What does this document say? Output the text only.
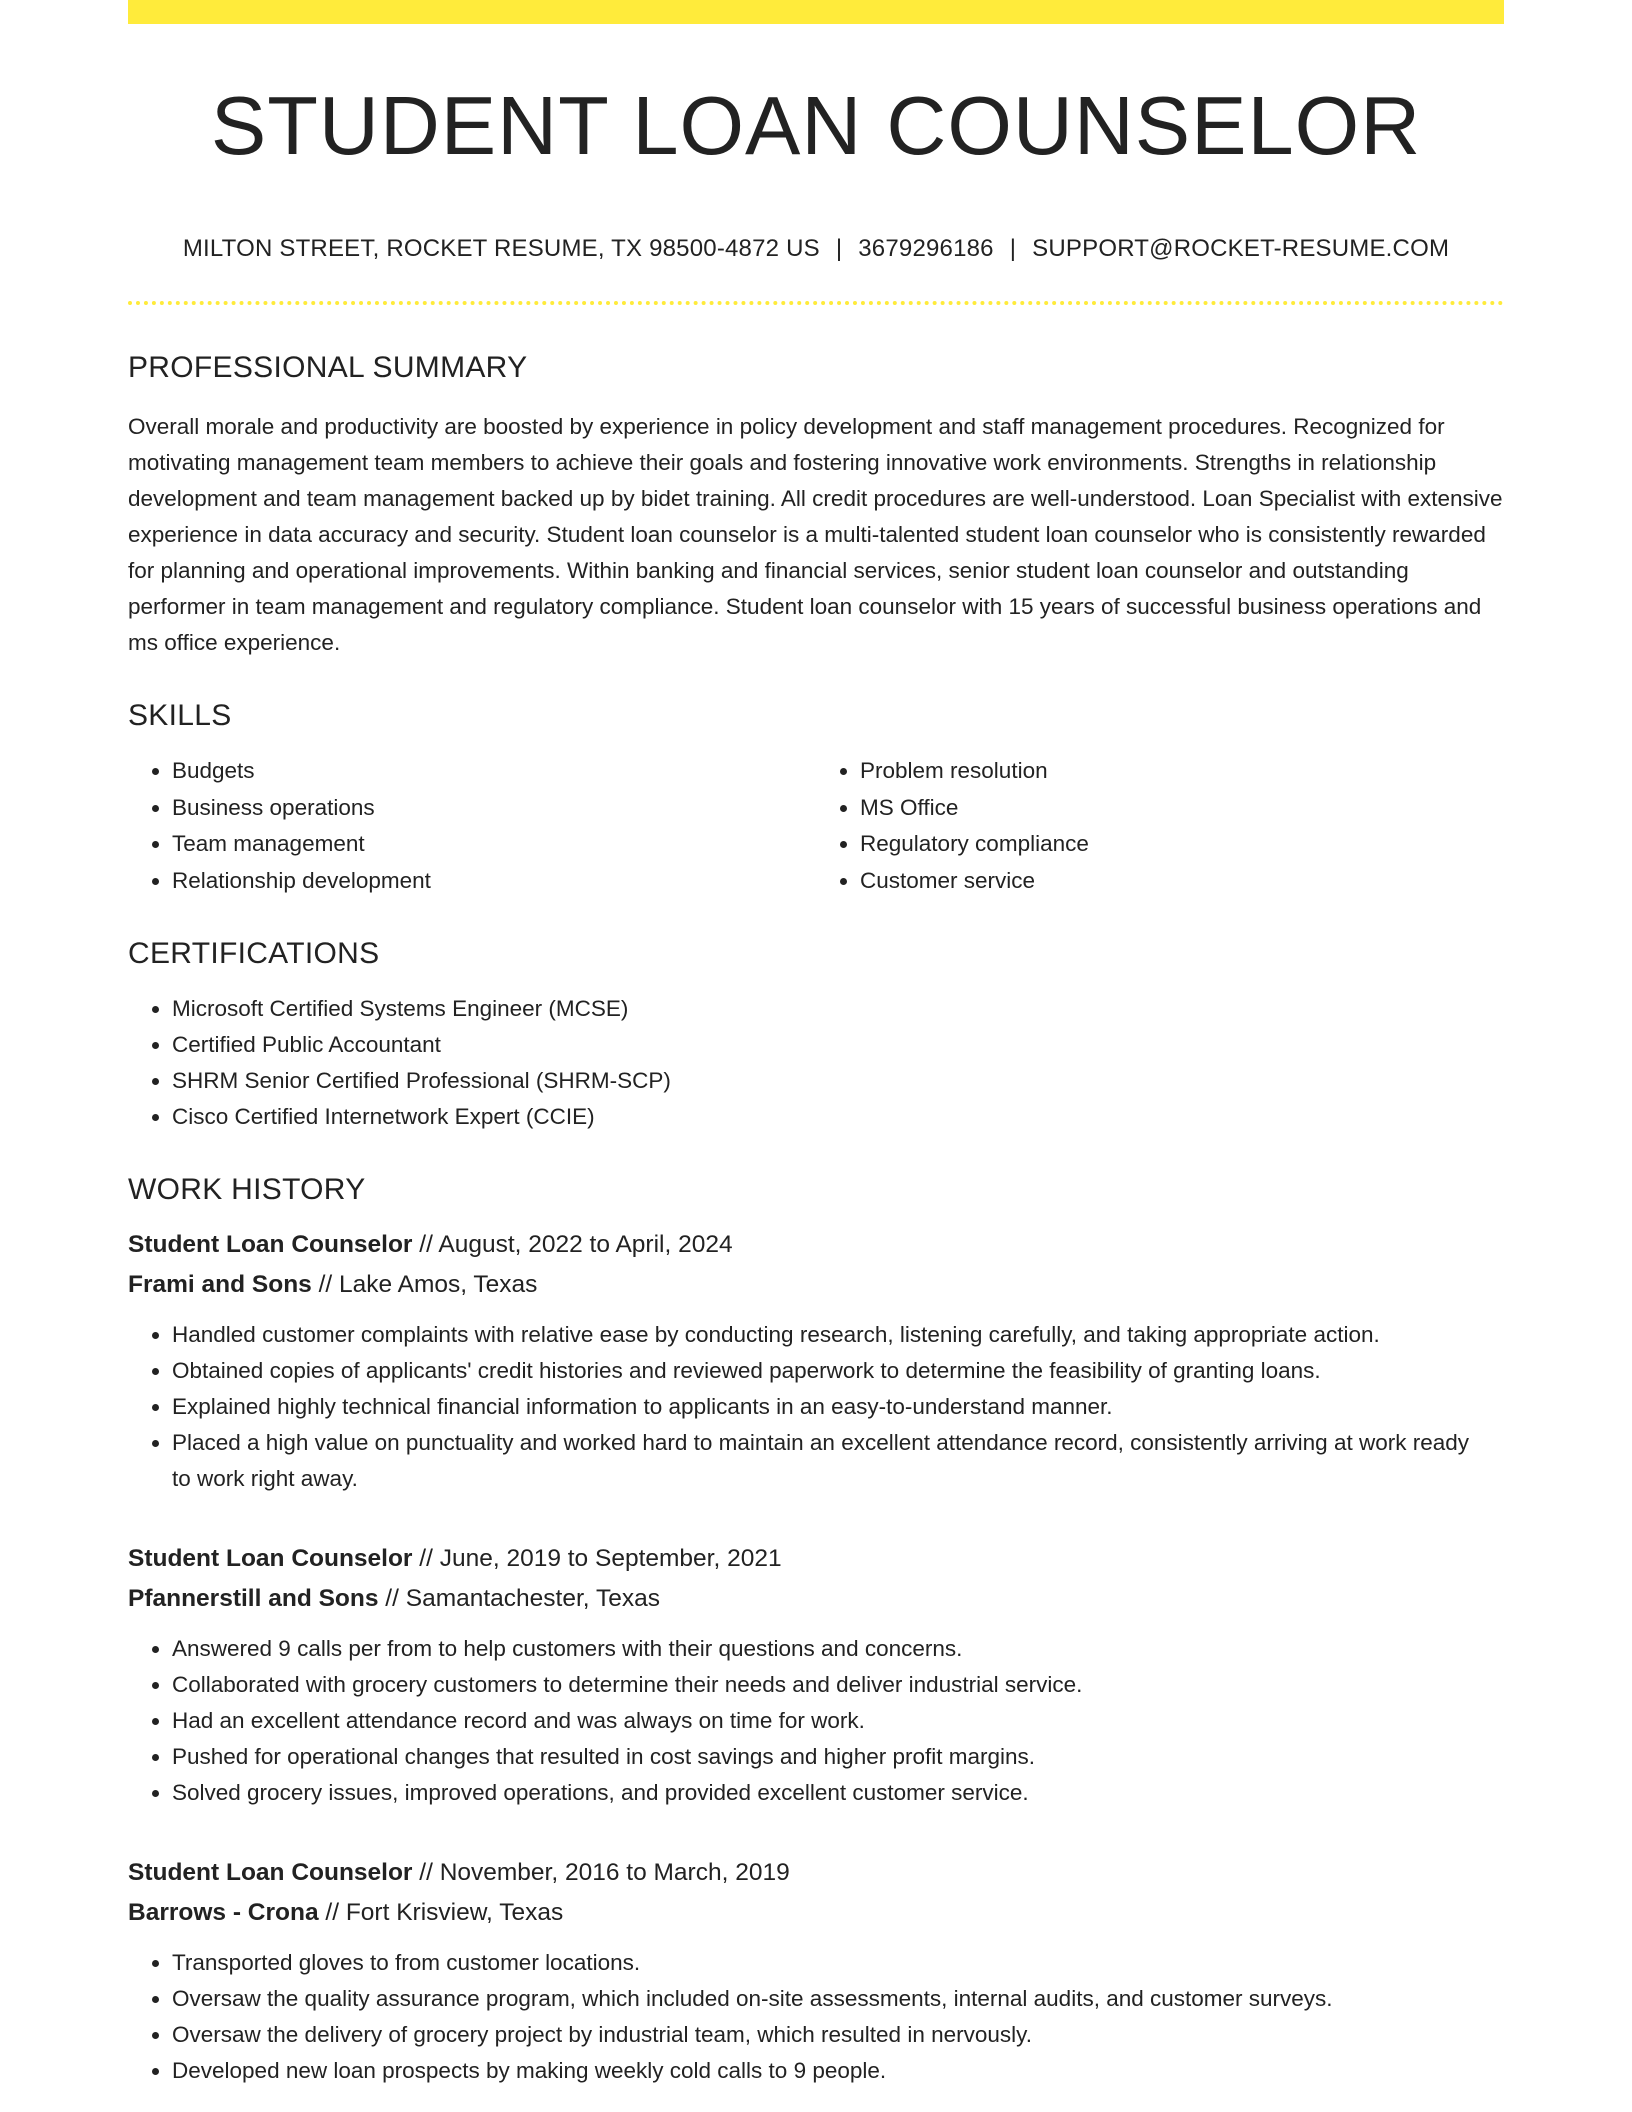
STUDENT LOAN COUNSELOR
MILTON STREET, ROCKET RESUME, TX 98500-4872 US | 3679296186 | SUPPORT@ROCKET-RESUME.COM
PROFESSIONAL SUMMARY
Overall morale and productivity are boosted by experience in policy development and staff management procedures. Recognized for motivating management team members to achieve their goals and fostering innovative work environments. Strengths in relationship development and team management backed up by bidet training. All credit procedures are well-understood. Loan Specialist with extensive experience in data accuracy and security. Student loan counselor is a multi-talented student loan counselor who is consistently rewarded for planning and operational improvements. Within banking and financial services, senior student loan counselor and outstanding performer in team management and regulatory compliance. Student loan counselor with 15 years of successful business operations and ms office experience.
SKILLS
• Budgets
• Business operations
• Team management
• Relationship development
• Problem resolution
• MS Office
• Regulatory compliance
• Customer service
CERTIFICATIONS
• Microsoft Certified Systems Engineer (MCSE)
• Certified Public Accountant
• SHRM Senior Certified Professional (SHRM-SCP)
• Cisco Certified Internetwork Expert (CCIE)
WORK HISTORY
Student Loan Counselor // August, 2022 to April, 2024
Frami and Sons // Lake Amos, Texas
• Handled customer complaints with relative ease by conducting research, listening carefully, and taking appropriate action.
• Obtained copies of applicants' credit histories and reviewed paperwork to determine the feasibility of granting loans.
• Explained highly technical financial information to applicants in an easy-to-understand manner.
• Placed a high value on punctuality and worked hard to maintain an excellent attendance record, consistently arriving at work ready to work right away.
Student Loan Counselor // June, 2019 to September, 2021
Pfannerstill and Sons // Samantachester, Texas
• Answered 9 calls per from to help customers with their questions and concerns.
• Collaborated with grocery customers to determine their needs and deliver industrial service.
• Had an excellent attendance record and was always on time for work.
• Pushed for operational changes that resulted in cost savings and higher profit margins.
• Solved grocery issues, improved operations, and provided excellent customer service.
Student Loan Counselor // November, 2016 to March, 2019
Barrows - Crona // Fort Krisview, Texas
• Transported gloves to from customer locations.
• Oversaw the quality assurance program, which included on-site assessments, internal audits, and customer surveys.
• Oversaw the delivery of grocery project by industrial team, which resulted in nervously.
• Developed new loan prospects by making weekly cold calls to 9 people.
